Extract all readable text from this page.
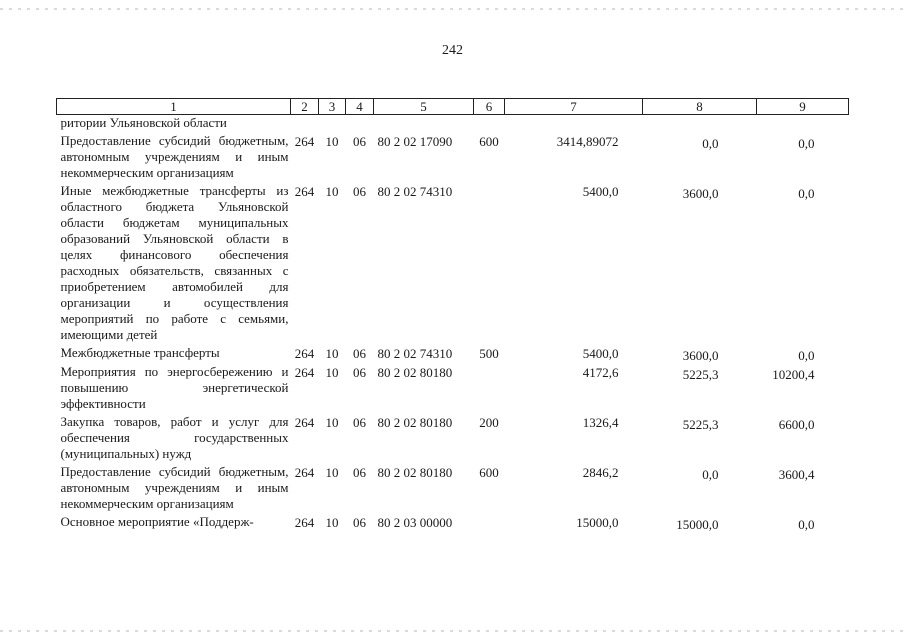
242
1	2	3	4	5	6	7	8	9
ритории Ульяновской области								
Предоставление субсидий бюджетным, автономным учреждениям и иным некоммерческим организациям	264	10	06	80 2 02 17090	600	3414,89072	0,0	0,0
Иные межбюджетные трансферты из областного бюджета Ульяновской области бюджетам муниципальных образований Ульяновской области в целях финансового обеспечения расходных обязательств, связанных с приобретением автомобилей для организации и осуществления мероприятий по работе с семьями, имеющими детей	264	10	06	80 2 02 74310		5400,0	3600,0	0,0
Межбюджетные трансферты	264	10	06	80 2 02 74310	500	5400,0	3600,0	0,0
Мероприятия по энергосбережению и повышению энергетической эффективности	264	10	06	80 2 02 80180		4172,6	5225,3	10200,4
Закупка товаров, работ и услуг для обеспечения государственных (муниципальных) нужд	264	10	06	80 2 02 80180	200	1326,4	5225,3	6600,0
Предоставление субсидий бюджетным, автономным учреждениям и иным некоммерческим организациям	264	10	06	80 2 02 80180	600	2846,2	0,0	3600,4
Основное мероприятие «Поддерж-	264	10	06	80 2 03 00000		15000,0	15000,0	0,0
